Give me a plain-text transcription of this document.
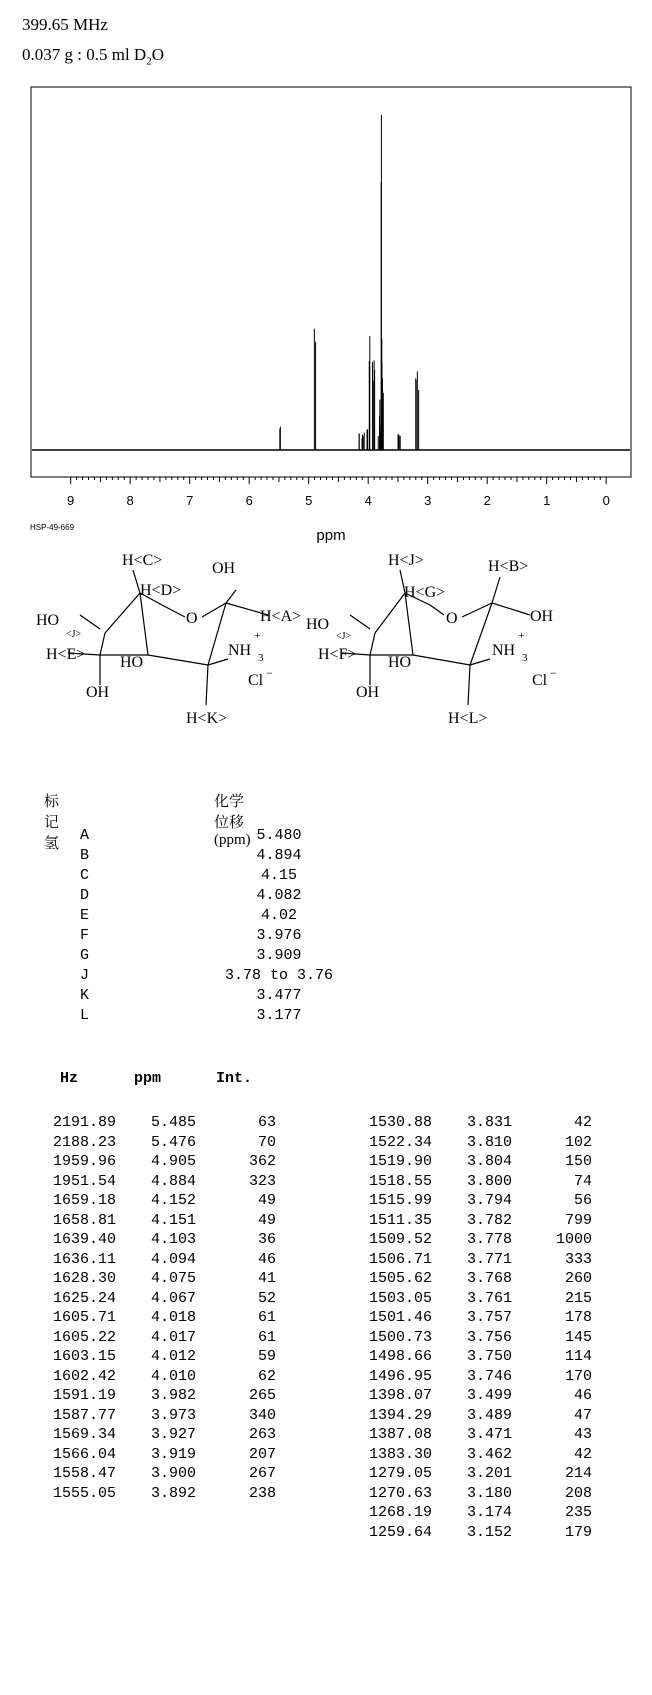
399.65 MHz
0.037 g : 0.5 ml $D_2O$
9	8	7	6	5	4	3	2	1	0
ppm
HSP-49-669
HO
<J>
H<C>
H<D>
OH
O	H<A>
H<E> HO
NH 3
+
OH
H<K>
Cl −
HO
<J>
H<J>
H<G>
H<B>
O	OH
H<F> HO
NH 3
+
OH
H<L>
Cl −
标记氢
化学位移(ppm)
A	5.480
B	4.894
C	4.15
D	4.082
E	4.02
F	3.976
G	3.909
J	3.78 to 3.76
K	3.477
L	3.177
Hz	ppm	Int.
2191.89	5.485	63
2188.23	5.476	70
1959.96	4.905	362
1951.54	4.884	323
1659.18	4.152	49
1658.81	4.151	49
1639.40	4.103	36
1636.11	4.094	46
1628.30	4.075	41
1625.24	4.067	52
1605.71	4.018	61
1605.22	4.017	61
1603.15	4.012	59
1602.42	4.010	62
1591.19	3.982	265
1587.77	3.973	340
1569.34	3.927	263
1566.04	3.919	207
1558.47	3.900	267
1555.05	3.892	238
1530.88	3.831	42
1522.34	3.810	102
1519.90	3.804	150
1518.55	3.800	74
1515.99	3.794	56
1511.35	3.782	799
1509.52	3.778	1000
1506.71	3.771	333
1505.62	3.768	260
1503.05	3.761	215
1501.46	3.757	178
1500.73	3.756	145
1498.66	3.750	114
1496.95	3.746	170
1398.07	3.499	46
1394.29	3.489	47
1387.08	3.471	43
1383.30	3.462	42
1279.05	3.201	214
1270.63	3.180	208
1268.19	3.174	235
1259.64	3.152	179
